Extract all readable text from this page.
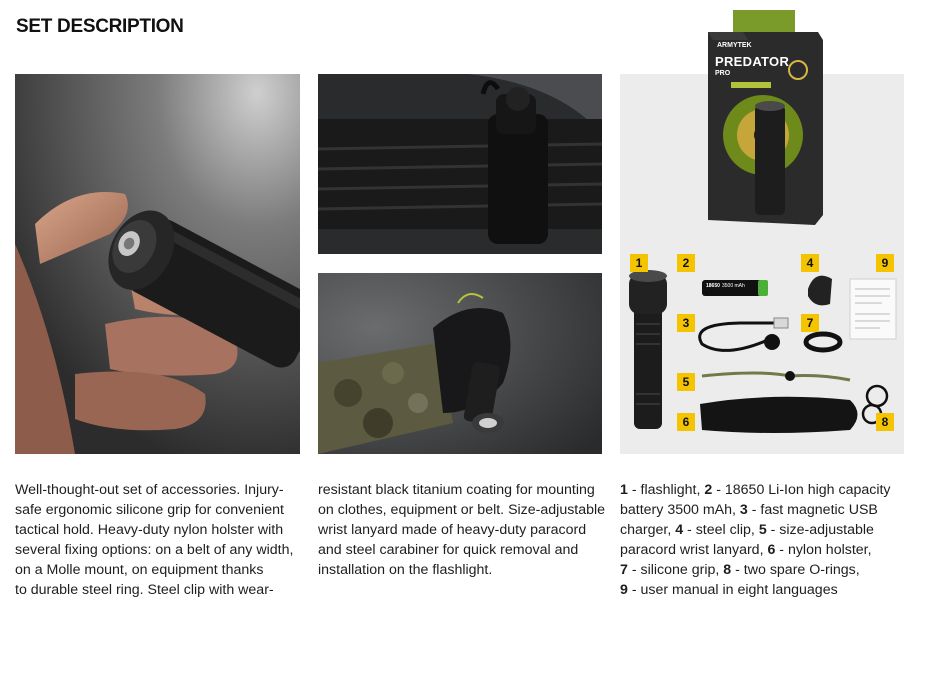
SET DESCRIPTION
ARMYTEK
PREDATOR
PRO
1	2
3
4
5
6
7
8
9
18650 3500 mAh
Well-thought-out set of accessories. Injury-
safe ergonomic silicone grip for convenient
tactical hold. Heavy-duty nylon holster with
several fixing options: on a belt of any width,
on a Molle mount, on equipment thanks
to durable steel ring. Steel clip with wear-
resistant black titanium coating for mounting
on clothes, equipment or belt. Size-adjustable
wrist lanyard made of heavy-duty paracord
and steel carabiner for quick removal and
installation on the flashlight.
1 - flashlight, 2 - 18650 Li-Ion high capacity
battery 3500 mAh, 3 - fast magnetic USB
charger, 4 - steel clip, 5 - size-adjustable
paracord wrist lanyard, 6 - nylon holster,
7 - silicone grip, 8 - two spare O-rings,
9 - user manual in eight languages
